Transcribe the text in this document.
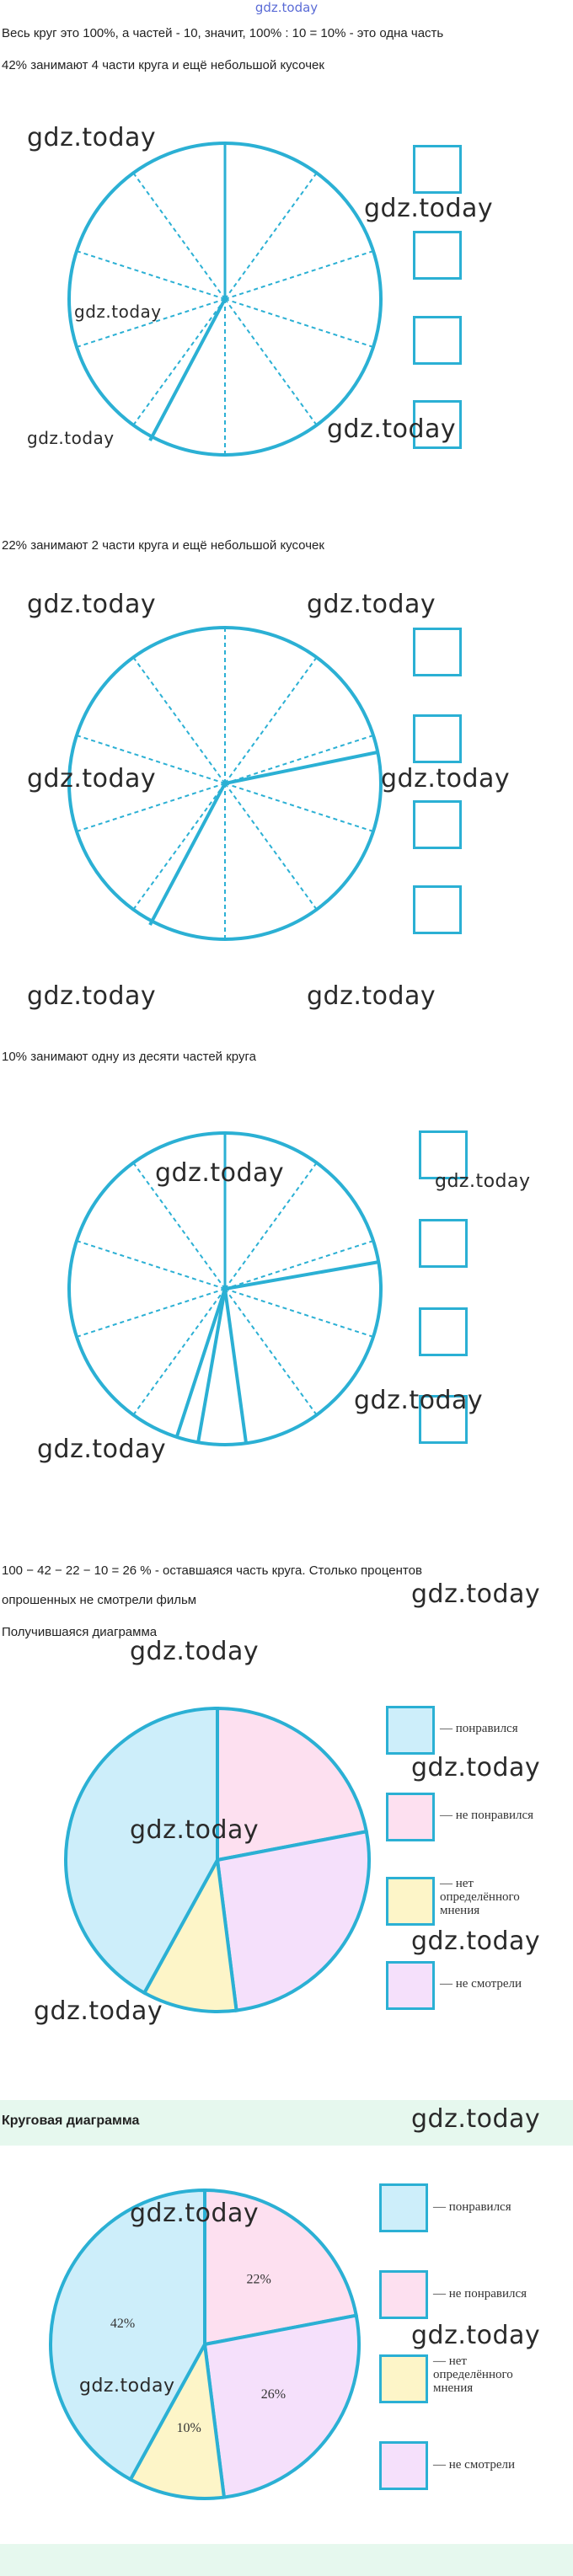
gdz.today
Весь круг это 100%, а частей - 10, значит, 100% : 10 = 10% - это одна часть
42% занимают 4 части круга и ещё небольшой кусочек
gdz.today
gdz.today
gdz.today
gdz.today	gdz.today
22% занимают 2 части круга и ещё небольшой кусочек
gdz.today	gdz.today
gdz.today	gdz.today
gdz.today	gdz.today
10% занимают одну из десяти частей круга
gdz.today	gdz.today
gdz.today
gdz.today
100 − 42 − 22 − 10 = 26 % - оставшаяся часть круга. Столько процентов
опрошенных не смотрели фильм
Получившаяся диаграмма
gdz.today
gdz.today
— понравился
— не понравился
— нет
определённого
мнения
— не смотрели
gdz.today
gdz.today
gdz.today
gdz.today
Круговая диаграмма	gdz.today
22%
26%
10%
42%
— понравился
— не понравился
— нет
определённого
мнения
— не смотрели
gdz.today
gdz.today
gdz.today
